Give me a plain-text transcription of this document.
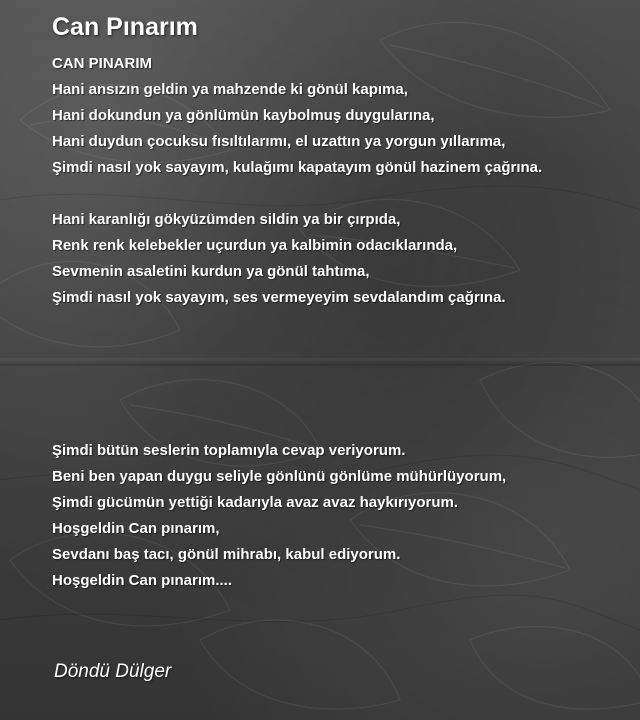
Can Pınarım
CAN PINARIM
Hani ansızın geldin ya mahzende ki gönül kapıma,
Hani dokundun ya gönlümün kaybolmuş duygularına,
Hani duydun çocuksu fısıltılarımı, el uzattın ya yorgun yıllarıma,
Şimdi nasıl yok sayayım, kulağımı kapatayım gönül hazinem çağrına.
Hani karanlığı gökyüzümden sildin ya bir çırpıda,
Renk renk kelebekler uçurdun ya kalbimin odacıklarında,
Sevmenin asaletini kurdun ya gönül tahtıma,
Şimdi nasıl yok sayayım, ses vermeyeyim sevdalandım çağrına.
Şimdi bütün seslerin toplamıyla cevap veriyorum.
Beni ben yapan duygu seliyle gönlünü gönlüme mühürlüyorum,
Şimdi gücümün yettiği kadarıyla avaz avaz haykırıyorum.
Hoşgeldin Can pınarım,
Sevdanı baş tacı, gönül mihrabı, kabul ediyorum.
Hoşgeldin Can pınarım....
Döndü Dülger
